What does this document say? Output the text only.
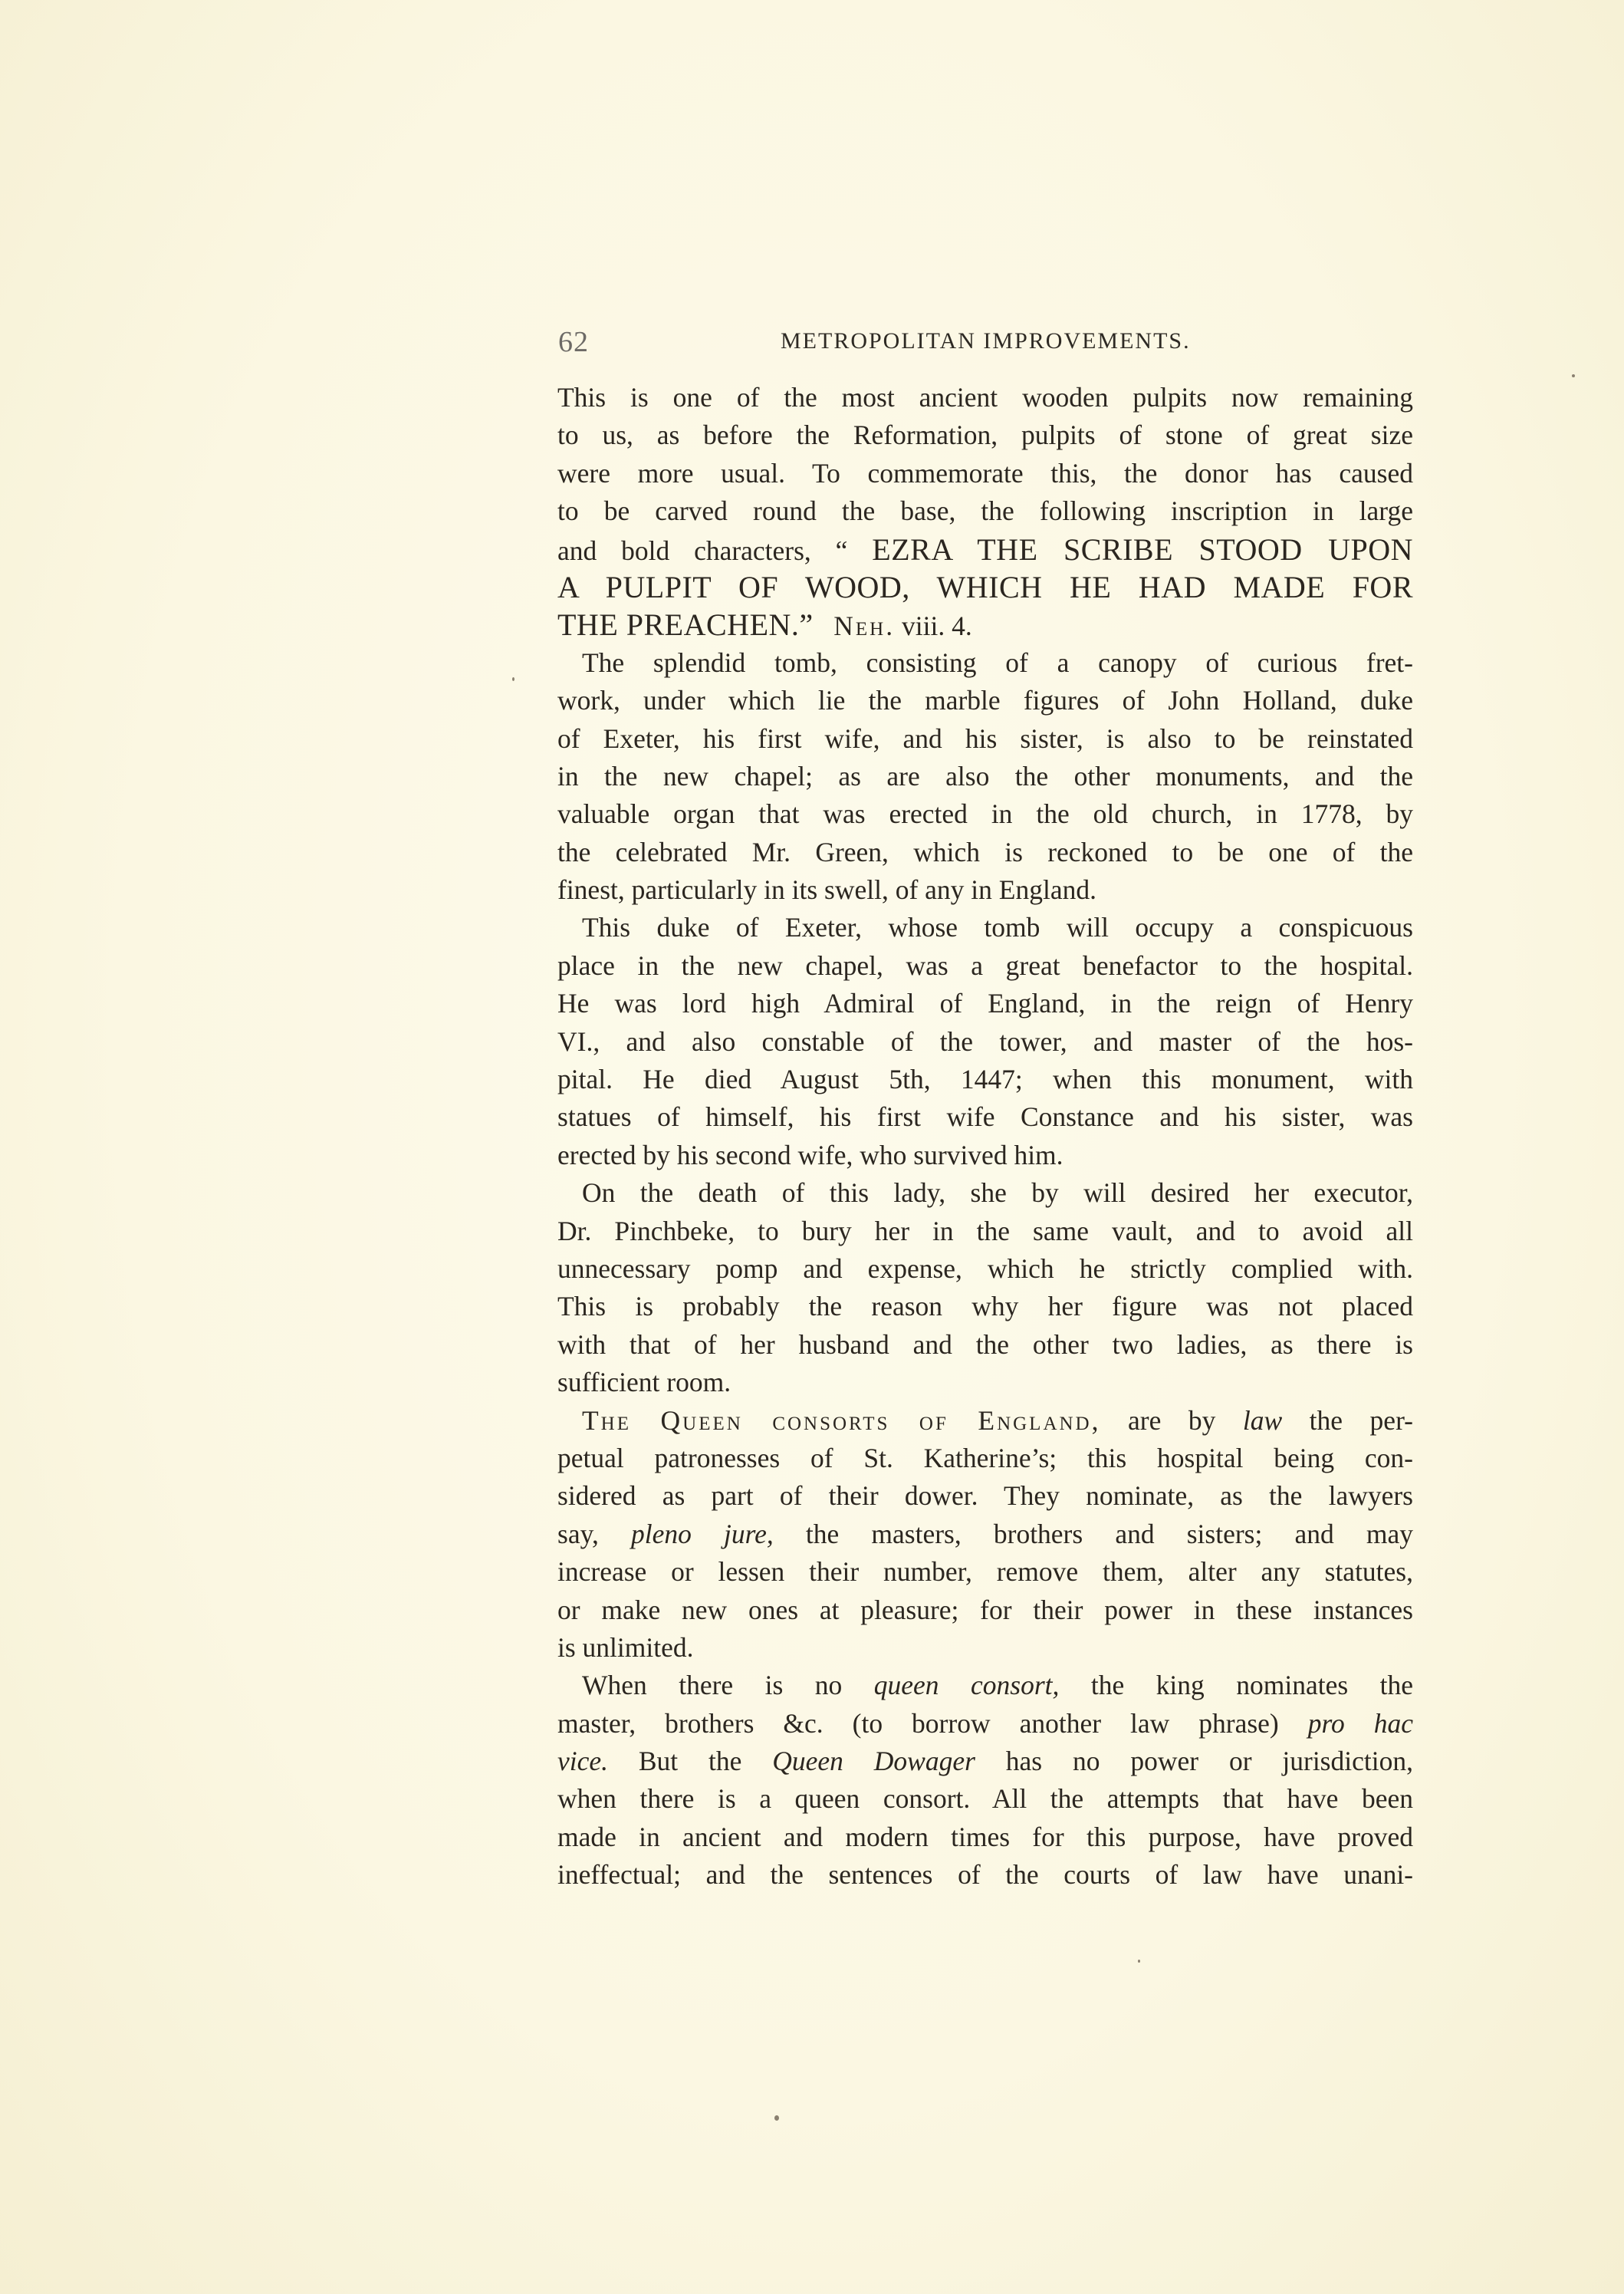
62	METROPOLITAN IMPROVEMENTS.
This is one of the most ancient wooden pulpits now remaining
to us, as before the Reformation, pulpits of stone of great size
were more usual. To commemorate this, the donor has caused
to be carved round the base, the following inscription in large
and bold characters, “ EZRA THE SCRIBE STOOD UPON
A PULPIT OF WOOD, WHICH HE HAD MADE FOR
THE PREACHEN.” Neh. viii. 4.
The splendid tomb, consisting of a canopy of curious fret-
work, under which lie the marble figures of John Holland, duke
of Exeter, his first wife, and his sister, is also to be reinstated
in the new chapel; as are also the other monuments, and the
valuable organ that was erected in the old church, in 1778, by
the celebrated Mr. Green, which is reckoned to be one of the
finest, particularly in its swell, of any in England.
This duke of Exeter, whose tomb will occupy a conspicuous
place in the new chapel, was a great benefactor to the hospital.
He was lord high Admiral of England, in the reign of Henry
VI., and also constable of the tower, and master of the hos-
pital. He died August 5th, 1447; when this monument, with
statues of himself, his first wife Constance and his sister, was
erected by his second wife, who survived him.
On the death of this lady, she by will desired her executor,
Dr. Pinchbeke, to bury her in the same vault, and to avoid all
unnecessary pomp and expense, which he strictly complied with.
This is probably the reason why her figure was not placed
with that of her husband and the other two ladies, as there is
sufficient room.
The Queen consorts of England, are by law the per-
petual patronesses of St. Katherine’s; this hospital being con-
sidered as part of their dower. They nominate, as the lawyers
say, pleno jure, the masters, brothers and sisters; and may
increase or lessen their number, remove them, alter any statutes,
or make new ones at pleasure; for their power in these instances
is unlimited.
When there is no queen consort, the king nominates the
master, brothers &c. (to borrow another law phrase) pro hac
vice. But the Queen Dowager has no power or jurisdiction,
when there is a queen consort. All the attempts that have been
made in ancient and modern times for this purpose, have proved
ineffectual; and the sentences of the courts of law have unani-
